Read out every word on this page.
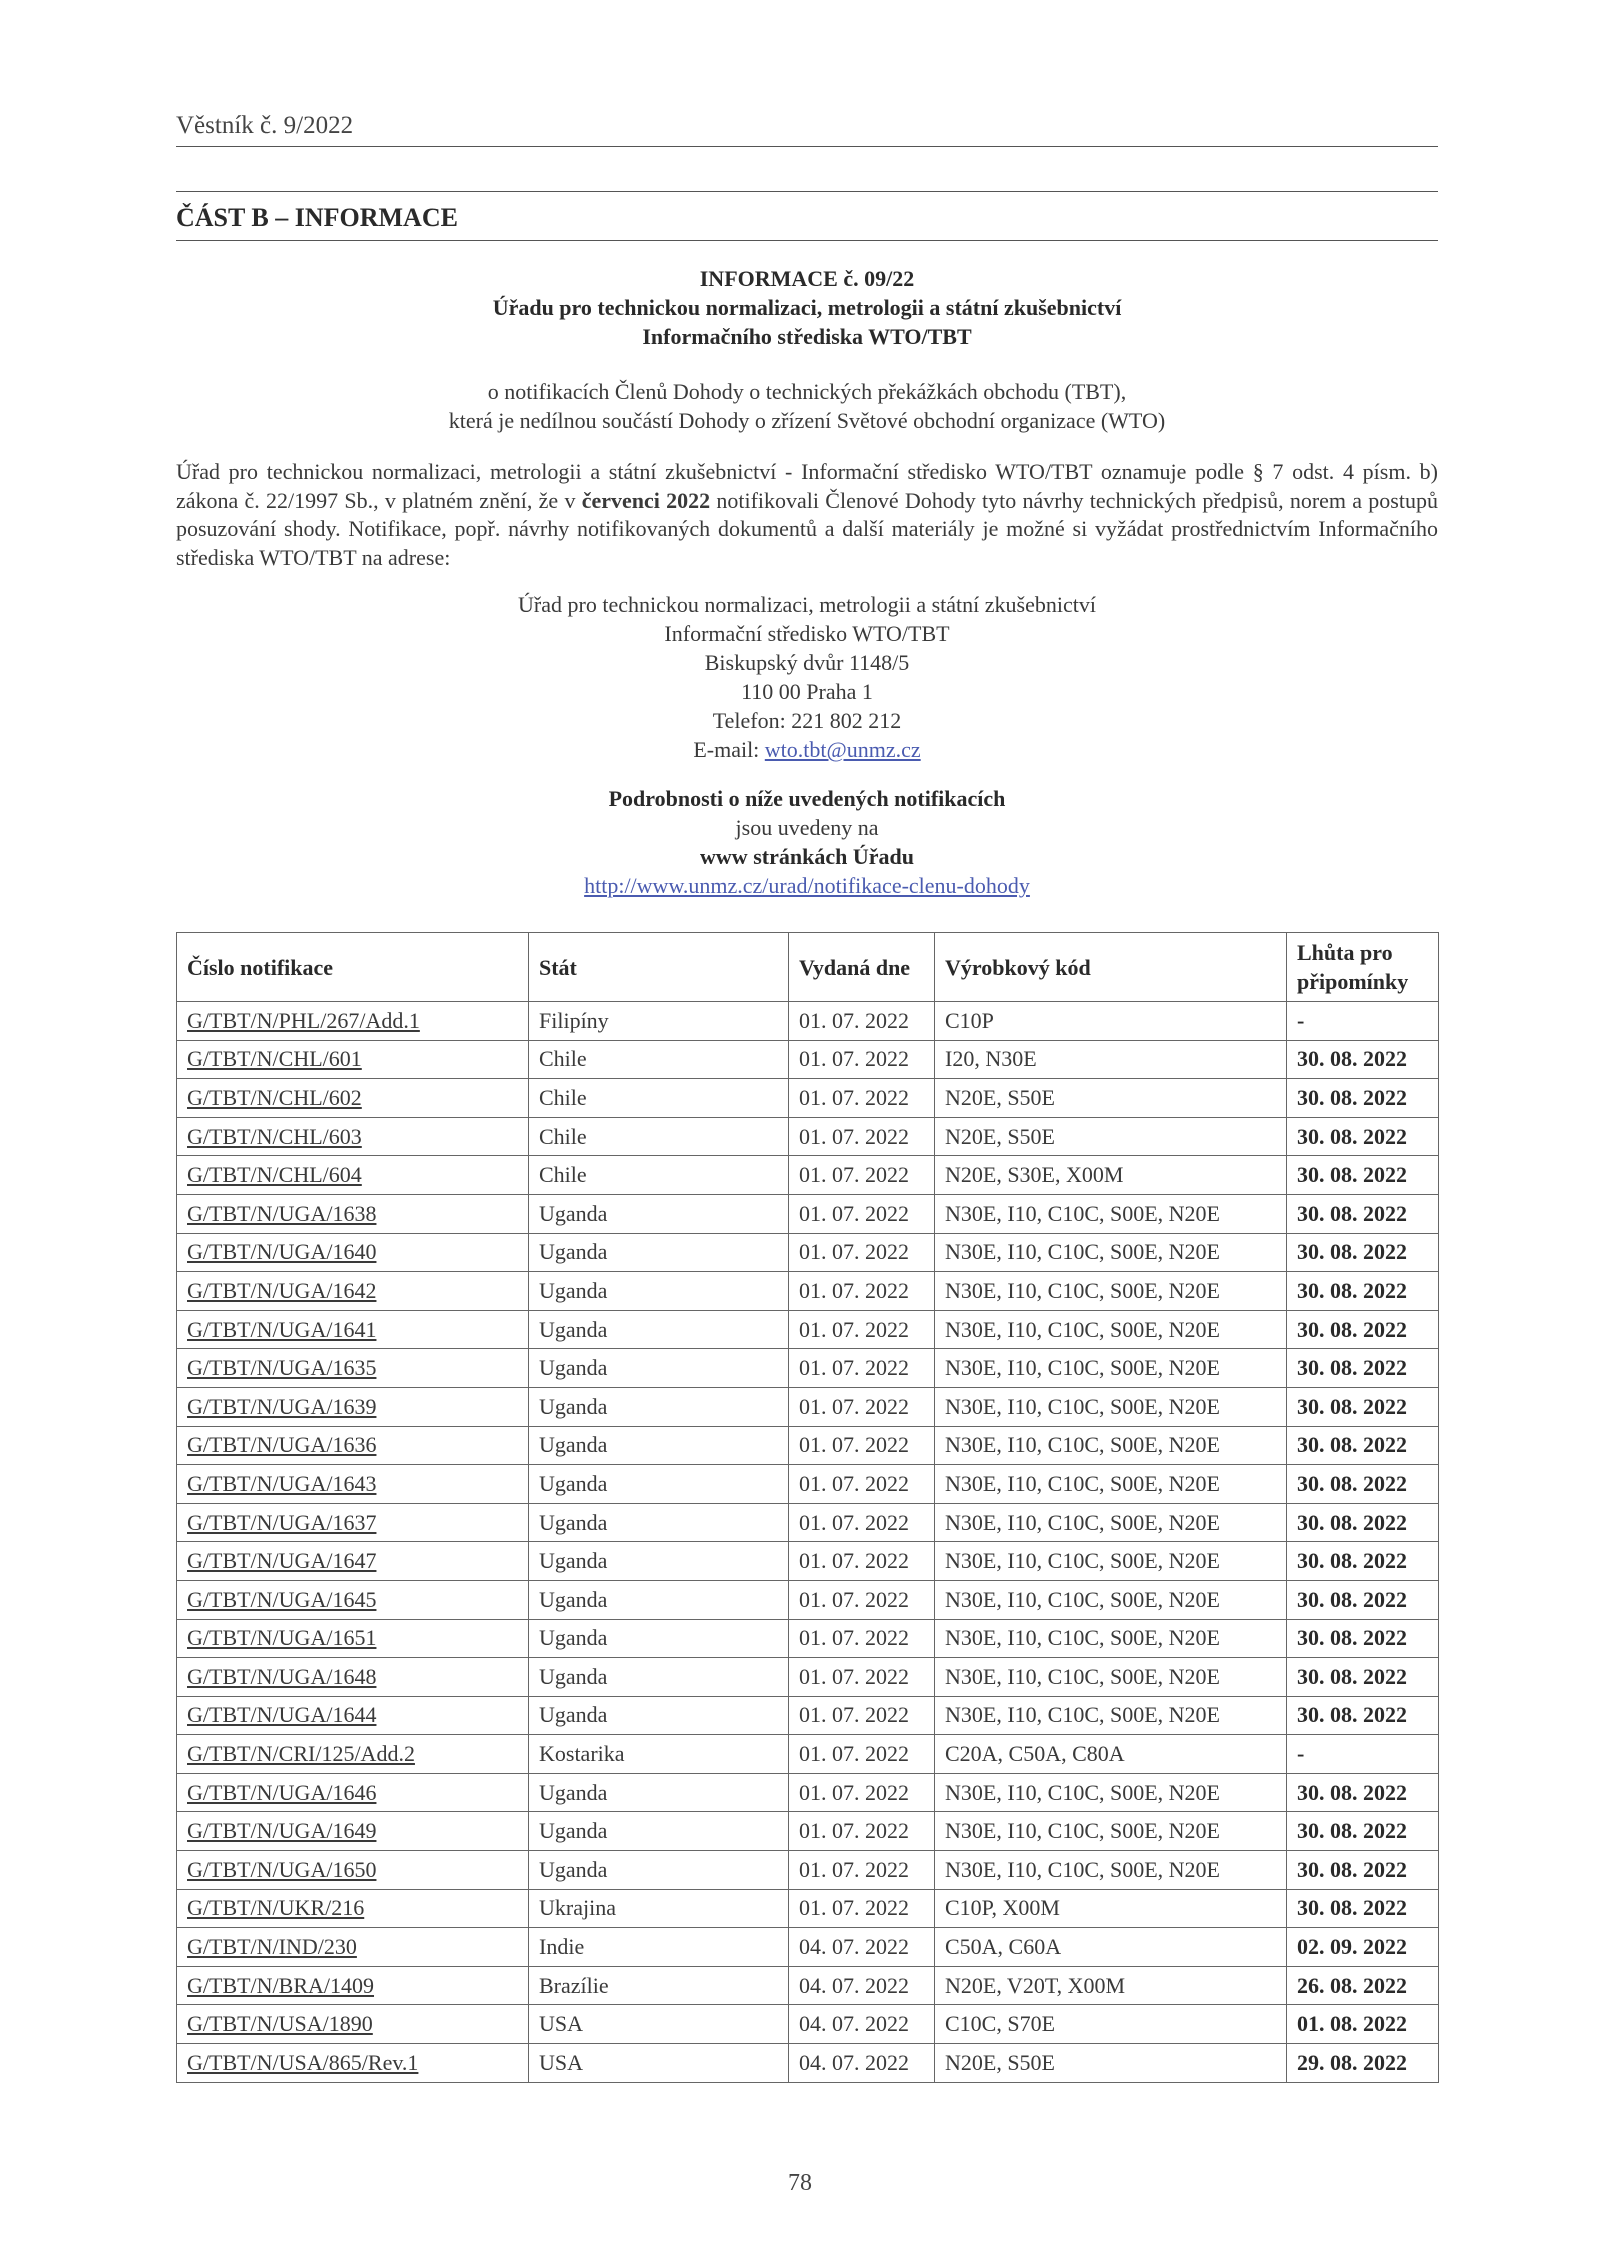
Věstník č. 9/2022
ČÁST B – INFORMACE
INFORMACE č. 09/22
Úřadu pro technickou normalizaci, metrologii a státní zkušebnictví
Informačního střediska WTO/TBT
o notifikacích Členů Dohody o technických překážkách obchodu (TBT),
která je nedílnou součástí Dohody o zřízení Světové obchodní organizace (WTO)

Úřad pro technickou normalizaci, metrologii a státní zkušebnictví - Informační středisko WTO/TBT oznamuje podle § 7 odst. 4 písm. b) zákona č. 22/1997 Sb., v platném znění, že v červenci 2022 notifikovali Členové Dohody tyto návrhy technických předpisů, norem a postupů posuzování shody. Notifikace, popř. návrhy notifikovaných dokumentů a další materiály je možné si vyžádat prostřednictvím Informačního střediska WTO/TBT na adrese:

Úřad pro technickou normalizaci, metrologii a státní zkušebnictví
Informační středisko WTO/TBT
Biskupský dvůr 1148/5
110 00 Praha 1
Telefon: 221 802 212
E-mail: wto.tbt@unmz.cz
Podrobnosti o níže uvedených notifikacích
jsou uvedeny na
www stránkách Úřadu
http://www.unmz.cz/urad/notifikace-clenu-dohody
Číslo notifikace	Stát	Vydaná dne	Výrobkový kód	Lhůta pro připomínky
G/TBT/N/PHL/267/Add.1	Filipíny	01. 07. 2022	C10P	-
G/TBT/N/CHL/601	Chile	01. 07. 2022	I20, N30E	30. 08. 2022
G/TBT/N/CHL/602	Chile	01. 07. 2022	N20E, S50E	30. 08. 2022
G/TBT/N/CHL/603	Chile	01. 07. 2022	N20E, S50E	30. 08. 2022
G/TBT/N/CHL/604	Chile	01. 07. 2022	N20E, S30E, X00M	30. 08. 2022
G/TBT/N/UGA/1638	Uganda	01. 07. 2022	N30E, I10, C10C, S00E, N20E	30. 08. 2022
G/TBT/N/UGA/1640	Uganda	01. 07. 2022	N30E, I10, C10C, S00E, N20E	30. 08. 2022
G/TBT/N/UGA/1642	Uganda	01. 07. 2022	N30E, I10, C10C, S00E, N20E	30. 08. 2022
G/TBT/N/UGA/1641	Uganda	01. 07. 2022	N30E, I10, C10C, S00E, N20E	30. 08. 2022
G/TBT/N/UGA/1635	Uganda	01. 07. 2022	N30E, I10, C10C, S00E, N20E	30. 08. 2022
G/TBT/N/UGA/1639	Uganda	01. 07. 2022	N30E, I10, C10C, S00E, N20E	30. 08. 2022
G/TBT/N/UGA/1636	Uganda	01. 07. 2022	N30E, I10, C10C, S00E, N20E	30. 08. 2022
G/TBT/N/UGA/1643	Uganda	01. 07. 2022	N30E, I10, C10C, S00E, N20E	30. 08. 2022
G/TBT/N/UGA/1637	Uganda	01. 07. 2022	N30E, I10, C10C, S00E, N20E	30. 08. 2022
G/TBT/N/UGA/1647	Uganda	01. 07. 2022	N30E, I10, C10C, S00E, N20E	30. 08. 2022
G/TBT/N/UGA/1645	Uganda	01. 07. 2022	N30E, I10, C10C, S00E, N20E	30. 08. 2022
G/TBT/N/UGA/1651	Uganda	01. 07. 2022	N30E, I10, C10C, S00E, N20E	30. 08. 2022
G/TBT/N/UGA/1648	Uganda	01. 07. 2022	N30E, I10, C10C, S00E, N20E	30. 08. 2022
G/TBT/N/UGA/1644	Uganda	01. 07. 2022	N30E, I10, C10C, S00E, N20E	30. 08. 2022
G/TBT/N/CRI/125/Add.2	Kostarika	01. 07. 2022	C20A, C50A, C80A	-
G/TBT/N/UGA/1646	Uganda	01. 07. 2022	N30E, I10, C10C, S00E, N20E	30. 08. 2022
G/TBT/N/UGA/1649	Uganda	01. 07. 2022	N30E, I10, C10C, S00E, N20E	30. 08. 2022
G/TBT/N/UGA/1650	Uganda	01. 07. 2022	N30E, I10, C10C, S00E, N20E	30. 08. 2022
G/TBT/N/UKR/216	Ukrajina	01. 07. 2022	C10P, X00M	30. 08. 2022
G/TBT/N/IND/230	Indie	04. 07. 2022	C50A, C60A	02. 09. 2022
G/TBT/N/BRA/1409	Brazílie	04. 07. 2022	N20E, V20T, X00M	26. 08. 2022
G/TBT/N/USA/1890	USA	04. 07. 2022	C10C, S70E	01. 08. 2022
G/TBT/N/USA/865/Rev.1	USA	04. 07. 2022	N20E, S50E	29. 08. 2022
78
